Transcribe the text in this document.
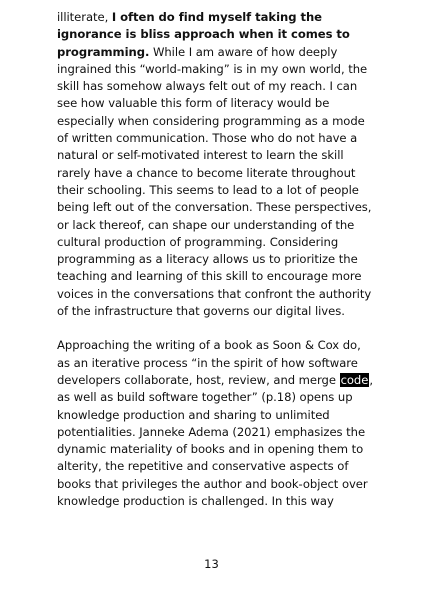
illiterate, I often do find myself taking the ignorance is bliss approach when it comes to programming. While I am aware of how deeply ingrained this “world-making” is in my own world, the skill has somehow always felt out of my reach. I can see how valuable this form of literacy would be especially when considering programming as a mode of written communication. Those who do not have a natural or self-motivated interest to learn the skill rarely have a chance to become literate throughout their schooling. This seems to lead to a lot of people being left out of the conversation. These perspectives, or lack thereof, can shape our understanding of the cultural production of programming. Considering programming as a literacy allows us to prioritize the teaching and learning of this skill to encourage more voices in the conversations that confront the authority of the infrastructure that governs our digital lives.

Approaching the writing of a book as Soon & Cox do, as an iterative process “in the spirit of how software developers collaborate, host, review, and merge code, as well as build software together” (p.18) opens up knowledge production and sharing to unlimited potentialities. Janneke Adema (2021) emphasizes the dynamic materiality of books and in opening them to alterity, the repetitive and conservative aspects of books that privileges the author and book-object over knowledge production is challenged. In this way

13
